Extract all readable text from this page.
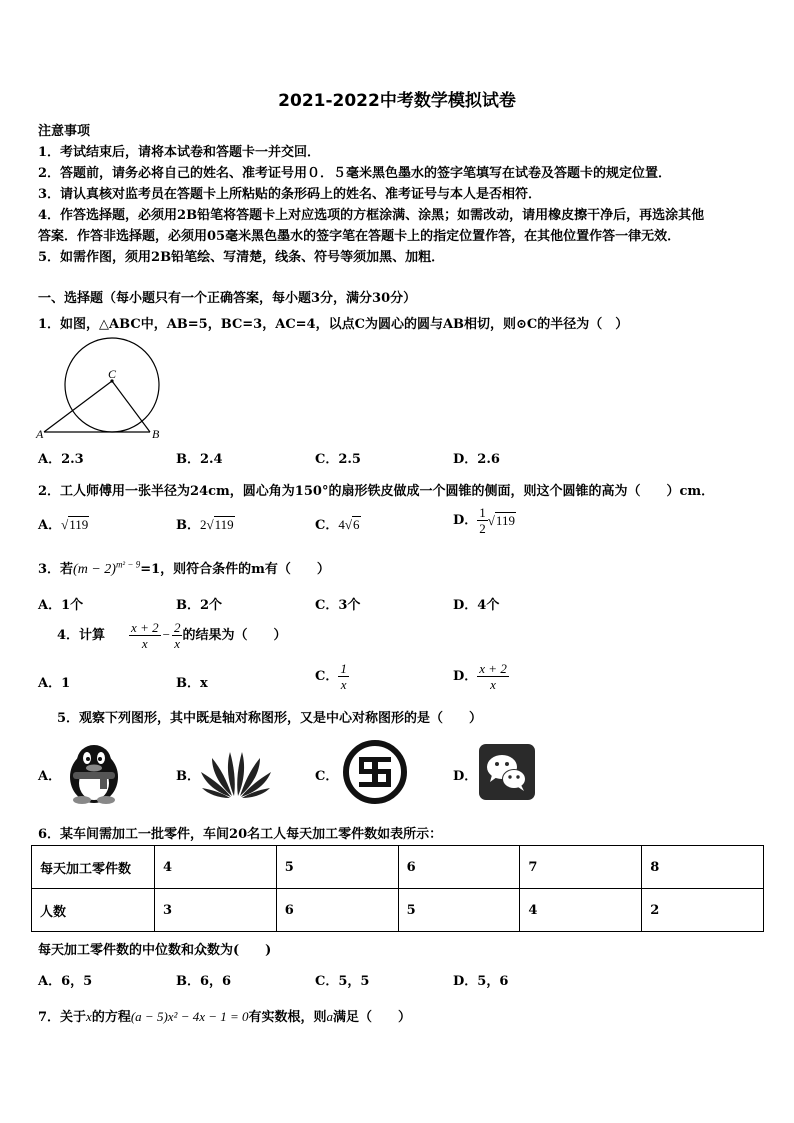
2021-2022中考数学模拟试卷
注意事项
1．考试结束后，请将本试卷和答题卡一并交回．
2．答题前，请务必将自己的姓名、准考证号用０．５毫米黑色墨水的签字笔填写在试卷及答题卡的规定位置．
3．请认真核对监考员在答题卡上所粘贴的条形码上的姓名、准考证号与本人是否相符．
4．作答选择题，必须用2B铅笔将答题卡上对应选项的方框涂满、涂黑；如需改动，请用橡皮擦干净后，再选涂其他
答案．作答非选择题，必须用05毫米黑色墨水的签字笔在答题卡上的指定位置作答，在其他位置作答一律无效．
5．如需作图，须用2B铅笔绘、写清楚，线条、符号等须加黑、加粗．
一、选择题（每小题只有一个正确答案，每小题3分，满分30分）
1．如图，△ABC中，AB=5，BC=3，AC=4，以点C为圆心的圆与AB相切，则⊙C的半径为（　）
C
A	B
A．2.3	B．2.4	C．2.5	D．2.6
2．工人师傅用一张半径为24cm，圆心角为150°的扇形铁皮做成一个圆锥的侧面，则这个圆锥的高为（　　）cm．
A．√119	B．2√119	C．4√6	D． $\frac{1}{2} √119$
3．若$(m - 2)^{m^2 - 9}=1$，则符合条件的m有（　　）
A．1个	B．2个	C．3个	D．4个
4．计算 $\frac{x + 2}{x} - \frac{2}{x}$ 的结果为（　　）
A．1	B．x	C． $\frac{1}{x}$	D． $\frac{x + 2}{x}$
5．观察下列图形，其中既是轴对称图形，又是中心对称图形的是（　　）
A．	B．	C．	D．
6．某车间需加工一批零件，车间20名工人每天加工零件数如表所示：
每天加工零件数	4	5	6	7	8
人数	3	6	5	4	2
每天加工零件数的中位数和众数为(　　)
A．6，5	B．6，6	C．5，5	D．5，6
7．关于x的方程(a − 5)x² − 4x − 1 = 0有实数根，则a满足（　　）
